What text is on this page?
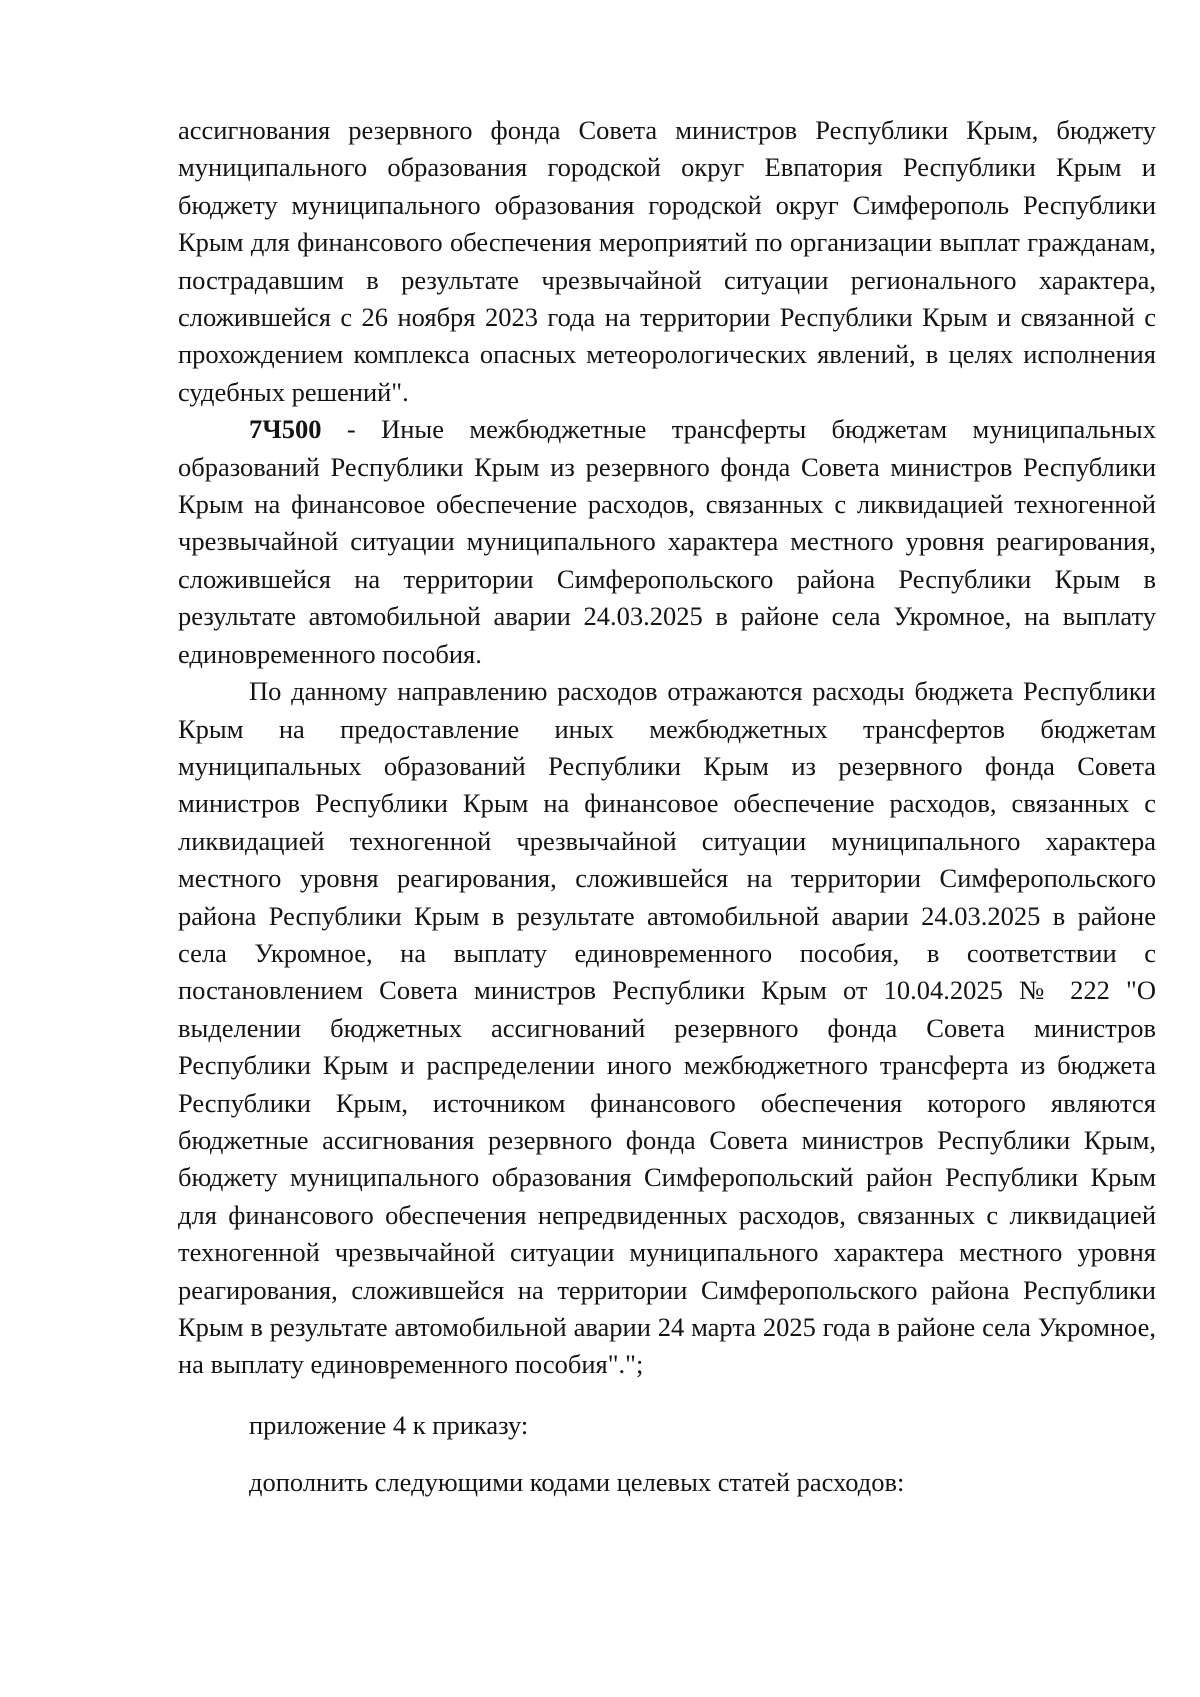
ассигнования резервного фонда Совета министров Республики Крым, бюджету муниципального образования городской округ Евпатория Республики Крым и бюджету муниципального образования городской округ Симферополь Республики Крым для финансового обеспечения мероприятий по организации выплат гражданам, пострадавшим в результате чрезвычайной ситуации регионального характера, сложившейся с 26 ноября 2023 года на территории Республики Крым и связанной с прохождением комплекса опасных метеорологических явлений, в целях исполнения судебных решений".

7Ч500 - Иные межбюджетные трансферты бюджетам муниципальных образований Республики Крым из резервного фонда Совета министров Республики Крым на финансовое обеспечение расходов, связанных с ликвидацией техногенной чрезвычайной ситуации муниципального характера местного уровня реагирования, сложившейся на территории Симферопольского района Республики Крым в результате автомобильной аварии 24.03.2025 в районе села Укромное, на выплату единовременного пособия.

По данному направлению расходов отражаются расходы бюджета Республики Крым на предоставление иных межбюджетных трансфертов бюджетам муниципальных образований Республики Крым из резервного фонда Совета министров Республики Крым на финансовое обеспечение расходов, связанных с ликвидацией техногенной чрезвычайной ситуации муниципального характера местного уровня реагирования, сложившейся на территории Симферопольского района Республики Крым в результате автомобильной аварии 24.03.2025 в районе села Укромное, на выплату единовременного пособия, в соответствии с постановлением Совета министров Республики Крым от 10.04.2025 № 222 "О выделении бюджетных ассигнований резервного фонда Совета министров Республики Крым и распределении иного межбюджетного трансферта из бюджета Республики Крым, источником финансового обеспечения которого являются бюджетные ассигнования резервного фонда Совета министров Республики Крым, бюджету муниципального образования Симферопольский район Республики Крым для финансового обеспечения непредвиденных расходов, связанных с ликвидацией техногенной чрезвычайной ситуации муниципального характера местного уровня реагирования, сложившейся на территории Симферопольского района Республики Крым в результате автомобильной аварии 24 марта 2025 года в районе села Укромное, на выплату единовременного пособия".";

приложение 4 к приказу:

дополнить следующими кодами целевых статей расходов:
